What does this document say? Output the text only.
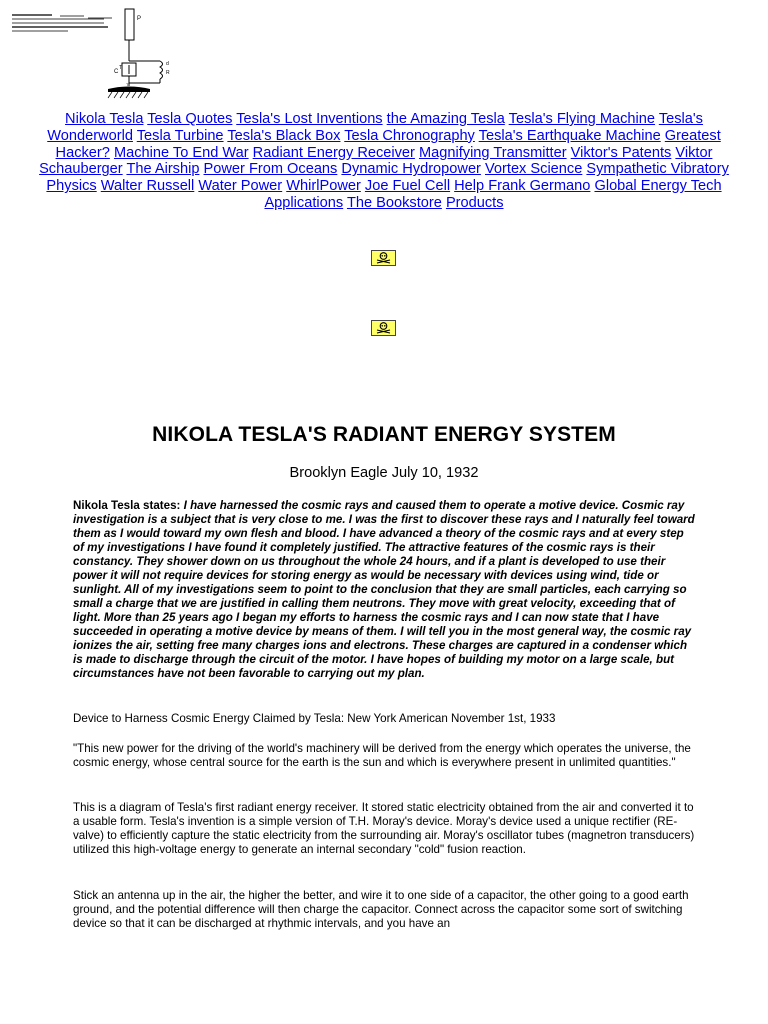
P
C
T
d
R
T'
Nikola Tesla Tesla Quotes Tesla's Lost Inventions the Amazing Tesla Tesla's Flying Machine Tesla's Wonderworld Tesla Turbine Tesla's Black Box Tesla Chronography Tesla's Earthquake Machine Greatest Hacker? Machine To End War Radiant Energy Receiver Magnifying Transmitter Viktor's Patents Viktor Schauberger The Airship Power From Oceans Dynamic Hydropower Vortex Science Sympathetic Vibratory Physics Walter Russell Water Power WhirlPower Joe Fuel Cell Help Frank Germano Global Energy Tech Applications The Bookstore Products
NIKOLA TESLA'S RADIANT ENERGY SYSTEM

Brooklyn Eagle July 10, 1932

Nikola Tesla states: I have harnessed the cosmic rays and caused them to operate a motive device. Cosmic ray investigation is a subject that is very close to me. I was the first to discover these rays and I naturally feel toward them as I would toward my own flesh and blood. I have advanced a theory of the cosmic rays and at every step of my investigations I have found it completely justified. The attractive features of the cosmic rays is their constancy. They shower down on us throughout the whole 24 hours, and if a plant is developed to use their power it will not require devices for storing energy as would be necessary with devices using wind, tide or sunlight. All of my investigations seem to point to the conclusion that they are small particles, each carrying so small a charge that we are justified in calling them neutrons. They move with great velocity, exceeding that of light. More than 25 years ago I began my efforts to harness the cosmic rays and I can now state that I have succeeded in operating a motive device by means of them. I will tell you in the most general way, the cosmic ray ionizes the air, setting free many charges ions and electrons. These charges are captured in a condenser which is made to discharge through the circuit of the motor. I have hopes of building my motor on a large scale, but circumstances have not been favorable to carrying out my plan.

Device to Harness Cosmic Energy Claimed by Tesla: New York American November 1st, 1933

"This new power for the driving of the world's machinery will be derived from the energy which operates the universe, the cosmic energy, whose central source for the earth is the sun and which is everywhere present in unlimited quantities."

This is a diagram of Tesla's first radiant energy receiver. It stored static electricity obtained from the air and converted it to a usable form. Tesla's invention is a simple version of T.H. Moray's device. Moray's device used a unique rectifier (RE-valve) to efficiently capture the static electricity from the surrounding air. Moray's oscillator tubes (magnetron transducers) utilized this high-voltage energy to generate an internal secondary "cold" fusion reaction.

Stick an antenna up in the air, the higher the better, and wire it to one side of a capacitor, the other going to a good earth ground, and the potential difference will then charge the capacitor. Connect across the capacitor some sort of switching device so that it can be discharged at rhythmic intervals, and you have an
